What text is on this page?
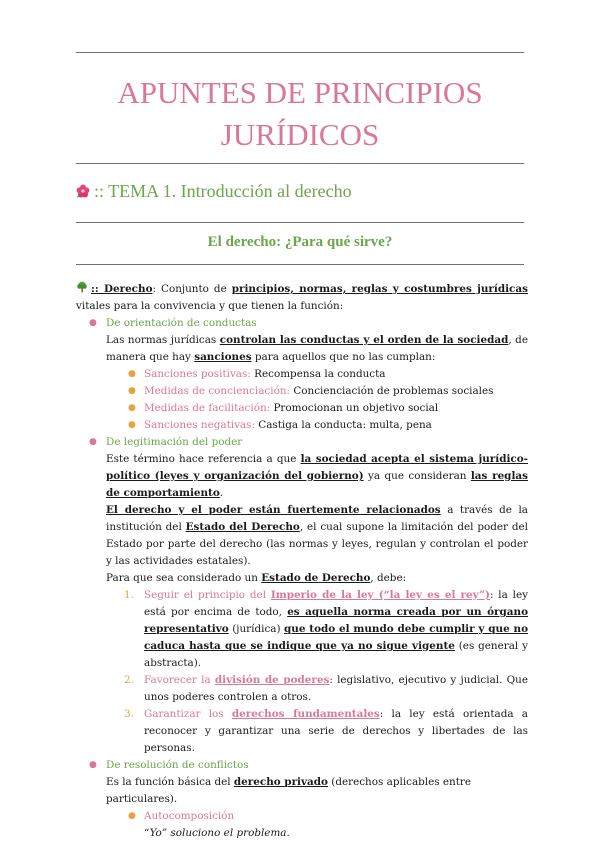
APUNTES DE PRINCIPIOS JURÍDICOS
:: TEMA 1. Introducción al derecho
El derecho: ¿Para qué sirve?

:: Derecho: Conjunto de principios, normas, reglas y costumbres jurídicas vitales para la convivencia y que tienen la función:

● De orientación de conductas

Las normas jurídicas controlan las conductas y el orden de la sociedad, de manera que hay sanciones para aquellos que no las cumplan:

● Sanciones positivas: Recompensa la conducta

● Medidas de concienciación: Concienciación de problemas sociales

● Medidas de facilitación: Promocionan un objetivo social

● Sanciones negativas: Castiga la conducta: multa, pena

● De legitimación del poder

Este término hace referencia a que la sociedad acepta el sistema jurídico-político (leyes y organización del gobierno) ya que consideran las reglas de comportamiento.

El derecho y el poder están fuertemente relacionados a través de la institución del Estado del Derecho, el cual supone la limitación del poder del Estado por parte del derecho (las normas y leyes, regulan y controlan el poder y las actividades estatales).

Para que sea considerado un Estado de Derecho, debe:

1. Seguir el principio del Imperio de la ley (“la ley es el rey”): la ley está por encima de todo, es aquella norma creada por un órgano representativo (jurídica) que todo el mundo debe cumplir y que no caduca hasta que se indique que ya no sigue vigente (es general y abstracta).

2. Favorecer la división de poderes: legislativo, ejecutivo y judicial. Que unos poderes controlen a otros.

3. Garantizar los derechos fundamentales: la ley está orientada a reconocer y garantizar una serie de derechos y libertades de las personas.

● De resolución de conflictos

Es la función básica del derecho privado (derechos aplicables entre particulares).

● Autocomposición

“Yo” soluciono el problema.
